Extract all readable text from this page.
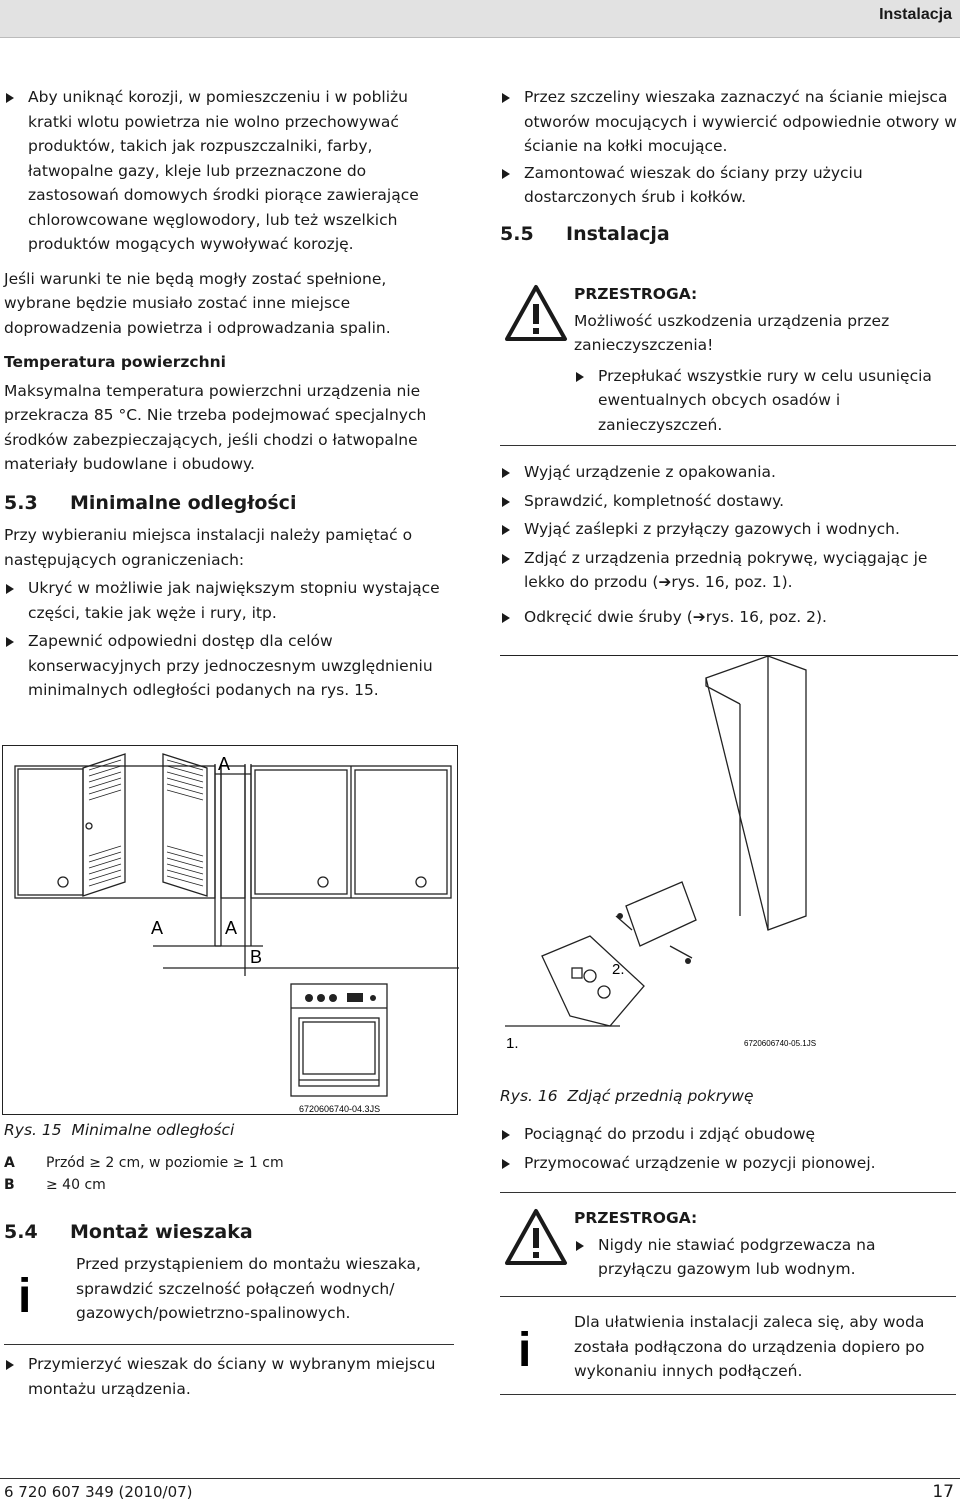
Instalacja
Aby uniknąć korozji, w pomieszczeniu i w pobliżu kratki wlotu powietrza nie wolno przechowywać produktów, takich jak rozpuszczalniki, farby, łatwopalne gazy, kleje lub przeznaczone do zastosowań domowych środki piorące zawierające chlorowcowane węglowodory, lub też wszelkich produktów mogących wywoływać korozję.
Jeśli warunki te nie będą mogły zostać spełnione, wybrane będzie musiało zostać inne miejsce doprowadzenia powietrza i odprowadzania spalin.
Temperatura powierzchni
Maksymalna temperatura powierzchni urządzenia nie przekracza 85 °C. Nie trzeba podejmować specjalnych środków zabezpieczających, jeśli chodzi o łatwopalne materiały budowlane i obudowy.
5.3	Minimalne odległości
Przy wybieraniu miejsca instalacji należy pamiętać o następujących ograniczeniach:
Ukryć w możliwie jak największym stopniu wystające części, takie jak węże i rury, itp.
Zapewnić odpowiedni dostęp dla celów konserwacyjnych przy jednoczesnym uwzględnieniu minimalnych odległości podanych na rys. 15.
A
A	A
B
6720606740-04.3JS
Rys. 15 Minimalne odległości
A	Przód ≥ 2 cm, w poziomie ≥ 1 cm
B	≥ 40 cm
5.4	Montaż wieszaka
i
Przed przystąpieniem do montażu wieszaka, sprawdzić szczelność połączeń wodnych/ gazowych/powietrzno-spalinowych.
Przymierzyć wieszak do ściany w wybranym miejscu montażu urządzenia.
Przez szczeliny wieszaka zaznaczyć na ścianie miejsca otworów mocujących i wywiercić odpowiednie otwory w ścianie na kołki mocujące.
Zamontować wieszak do ściany przy użyciu dostarczonych śrub i kołków.
5.5	Instalacja
PRZESTROGA:
Możliwość uszkodzenia urządzenia przez zanieczyszczenia!
Przepłukać wszystkie rury w celu usunięcia ewentualnych obcych osadów i zanieczyszczeń.
Wyjąć urządzenie z opakowania.
Sprawdzić, kompletność dostawy.
Wyjąć zaślepki z przyłączy gazowych i wodnych.
Zdjąć z urządzenia przednią pokrywę, wyciągając je lekko do przodu (➔rys. 16, poz. 1).
Odkręcić dwie śruby (➔rys. 16, poz. 2).
2.
1.	6720606740-05.1JS
Rys. 16 Zdjąć przednią pokrywę
Pociągnąć do przodu i zdjąć obudowę
Przymocować urządzenie w pozycji pionowej.
PRZESTROGA:
Nigdy nie stawiać podgrzewacza na przyłączu gazowym lub wodnym.
i
Dla ułatwienia instalacji zaleca się, aby woda została podłączona do urządzenia dopiero po wykonaniu innych podłączeń.
6 720 607 349 (2010/07)	17
